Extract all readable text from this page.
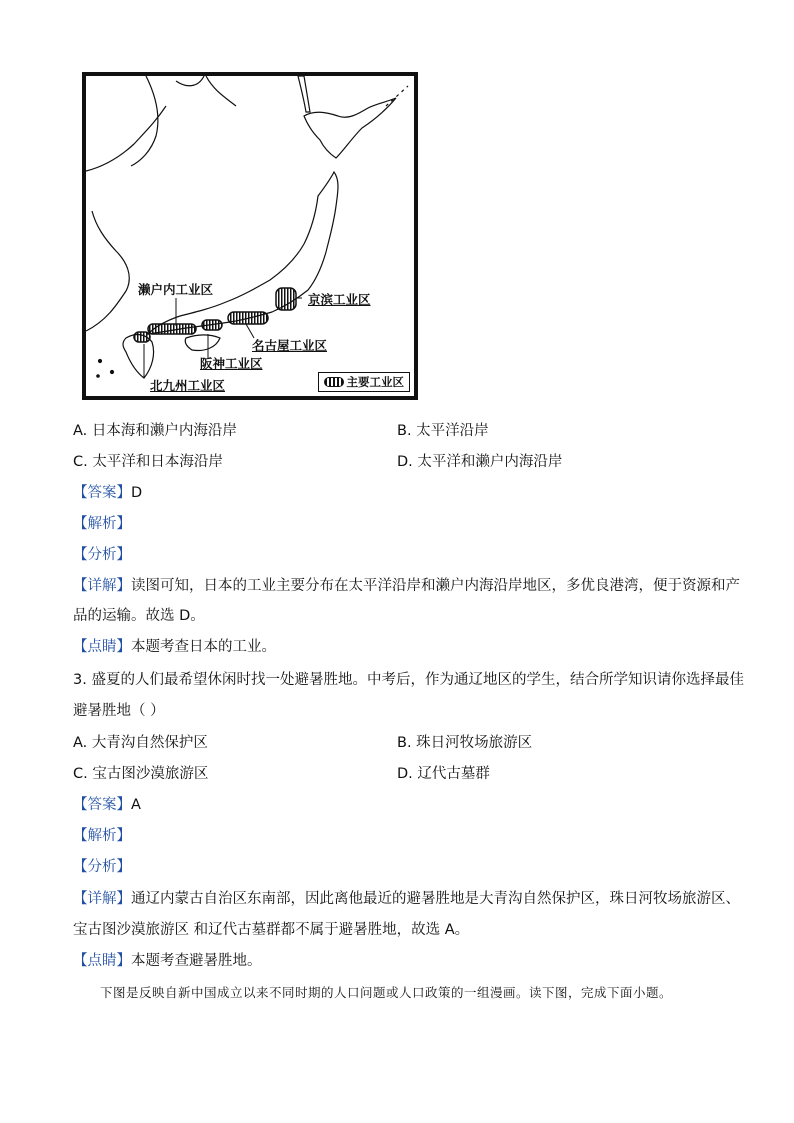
濑户内工业区
京滨工业区
名古屋工业区
阪神工业区
北九州工业区	主要工业区
A. 日本海和濑户内海沿岸	B. 太平洋沿岸
C. 太平洋和日本海沿岸	D. 太平洋和濑户内海沿岸
【答案】D
【解析】
【分析】
【详解】读图可知，日本的工业主要分布在太平洋沿岸和濑户内海沿岸地区，多优良港湾，便于资源和产
品的运输。故选 D。
【点睛】本题考查日本的工业。
3. 盛夏的人们最希望休闲时找一处避暑胜地。中考后，作为通辽地区的学生，结合所学知识请你选择最佳
避暑胜地（ ）
A. 大青沟自然保护区	B. 珠日河牧场旅游区
C. 宝古图沙漠旅游区	D. 辽代古墓群
【答案】A
【解析】
【分析】
【详解】通辽内蒙古自治区东南部，因此离他最近的避暑胜地是大青沟自然保护区，珠日河牧场旅游区、
宝古图沙漠旅游区 和辽代古墓群都不属于避暑胜地，故选 A。
【点睛】本题考查避暑胜地。
下图是反映自新中国成立以来不同时期的人口问题或人口政策的一组漫画。读下图，完成下面小题。
